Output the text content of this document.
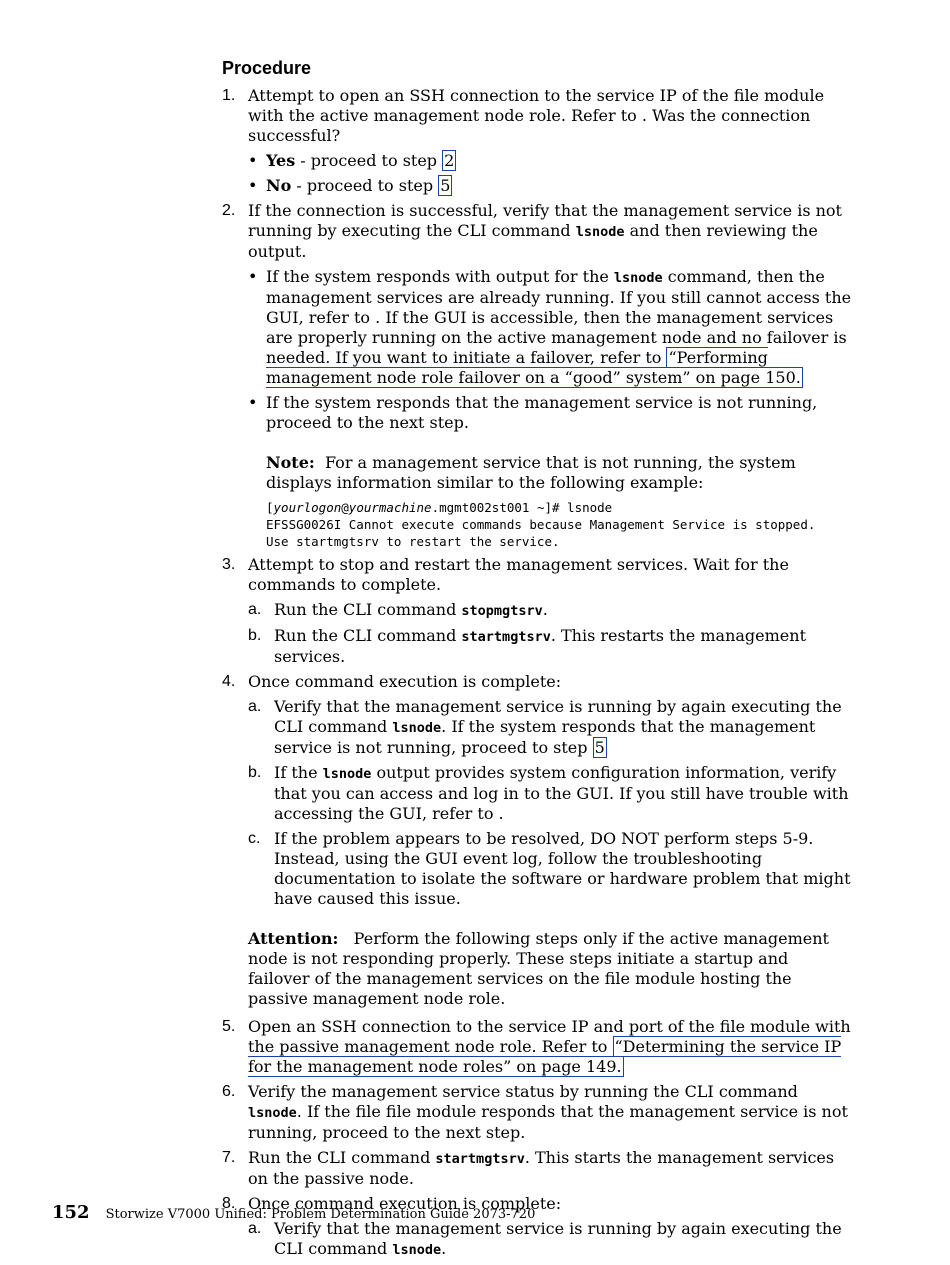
Procedure
1. Attempt to open an SSH connection to the service IP of the file module with the active management node role. Refer to . Was the connection successful?
• Yes - proceed to step 2
• No - proceed to step 5
2. If the connection is successful, verify that the management service is not running by executing the CLI command lsnode and then reviewing the output.
• If the system responds with output for the lsnode command, then the management services are already running. If you still cannot access the GUI, refer to . If the GUI is accessible, then the management services are properly running on the active management node and no failover is needed. If you want to initiate a failover, refer to “Performing management node role failover on a “good” system” on page 150.
• If the system responds that the management service is not running, proceed to the next step.
Note: For a management service that is not running, the system displays information similar to the following example:
[yourlogon@yourmachine.mgmt002st001 ~]# lsnode
EFSSG0026I Cannot execute commands because Management Service is stopped.
Use startmgtsrv to restart the service.
3. Attempt to stop and restart the management services. Wait for the commands to complete.
a. Run the CLI command stopmgtsrv.
b. Run the CLI command startmgtsrv. This restarts the management services.
4. Once command execution is complete:
a. Verify that the management service is running by again executing the CLI command lsnode. If the system responds that the management service is not running, proceed to step 5
b. If the lsnode output provides system configuration information, verify that you can access and log in to the GUI. If you still have trouble with accessing the GUI, refer to .
c. If the problem appears to be resolved, DO NOT perform steps 5-9. Instead, using the GUI event log, follow the troubleshooting documentation to isolate the software or hardware problem that might have caused this issue.
Attention: Perform the following steps only if the active management node is not responding properly. These steps initiate a startup and failover of the management services on the file module hosting the passive management node role.
5. Open an SSH connection to the service IP and port of the file module with the passive management node role. Refer to “Determining the service IP for the management node roles” on page 149.
6. Verify the management service status by running the CLI command lsnode. If the file file module responds that the management service is not running, proceed to the next step.
7. Run the CLI command startmgtsrv. This starts the management services on the passive node.
8. Once command execution is complete:
a. Verify that the management service is running by again executing the CLI command lsnode.
152 Storwize V7000 Unified: Problem Determination Guide 2073-720
